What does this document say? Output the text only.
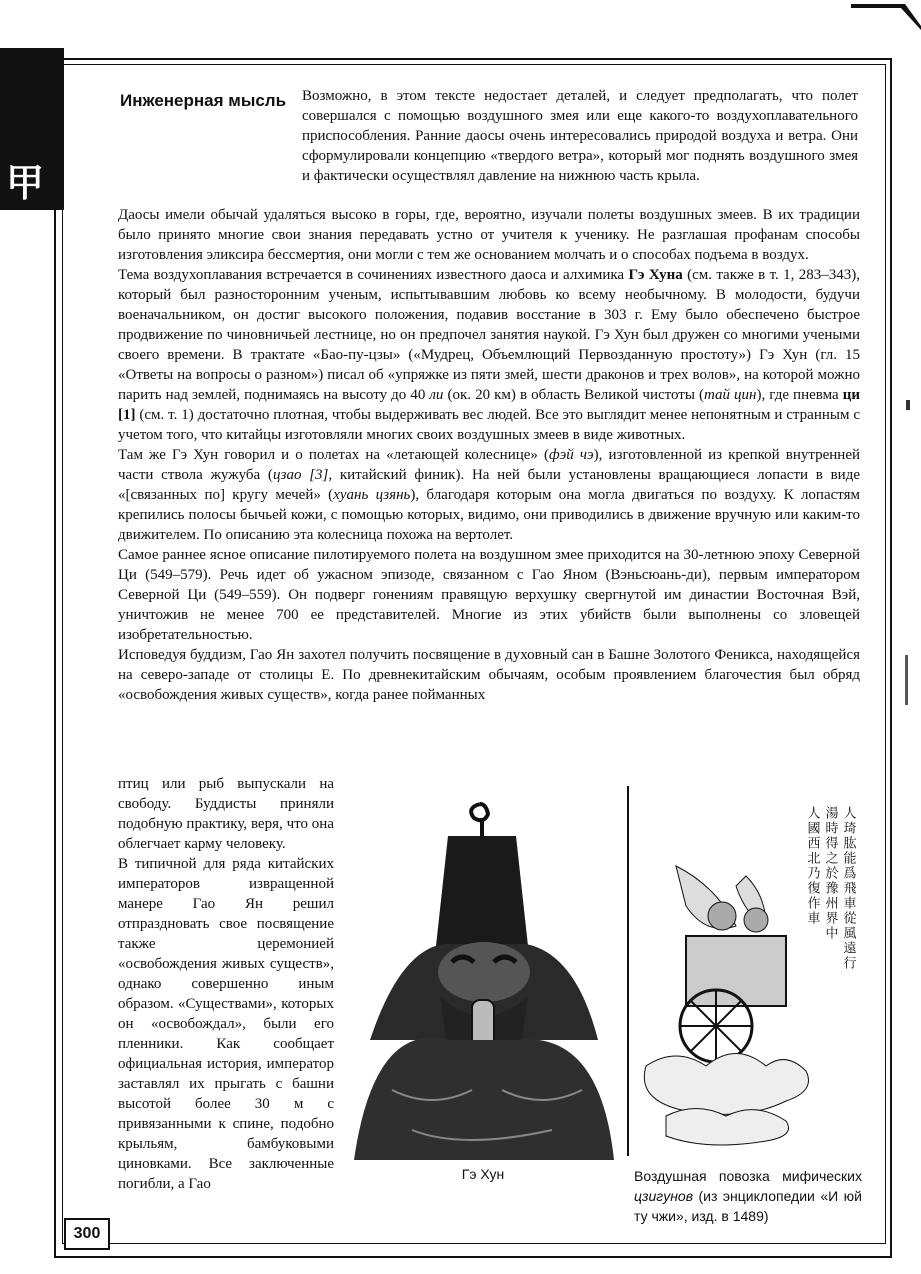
甲
Инженерная мысль Возможно, в этом тексте недостает деталей, и следует предполагать, что полет совершался с помощью воздушного змея или еще какого-то воздухоплавательного приспособления. Ранние даосы очень интересовались природой воздуха и ветра. Они сформулировали концепцию «твердого ветра», который мог поднять воздушного змея и фактически осуществлял давление на нижнюю часть крыла.

Даосы имели обычай удаляться высоко в горы, где, вероятно, изучали полеты воздушных змеев. В их традиции было принято многие свои знания передавать устно от учителя к ученику. Не разглашая профанам способы изготовления эликсира бессмертия, они могли с тем же основанием молчать и о способах подъема в воздух.

Тема воздухоплавания встречается в сочинениях известного даоса и алхимика Гэ Хуна (см. также в т. 1, 283–343), который был разносторонним ученым, испытывавшим любовь ко всему необычному. В молодости, будучи военачальником, он достиг высокого положения, подавив восстание в 303 г. Ему было обеспечено быстрое продвижение по чиновничьей лестнице, но он предпочел занятия наукой. Гэ Хун был дружен со многими учеными своего времени. В трактате «Бао-пу-цзы» («Мудрец, Объемлющий Первозданную простоту») Гэ Хун (гл. 15 «Ответы на вопросы о разном») писал об «упряжке из пяти змей, шести драконов и трех волов», на которой можно парить над землей, поднимаясь на высоту до 40 ли (ок. 20 км) в область Великой чистоты (тай цин), где пневма ци [1] (см. т. 1) достаточно плотная, чтобы выдерживать вес людей. Все это выглядит менее непонятным и странным с учетом того, что китайцы изготовляли многих своих воздушных змеев в виде животных.

Там же Гэ Хун говорил и о полетах на «летающей колеснице» (фэй чэ), изготовленной из крепкой внутренней части ствола жужуба (цзао [3], китайский финик). На ней были установлены вращающиеся лопасти в виде «[связанных по] кругу мечей» (хуань цзянь), благодаря которым она могла двигаться по воздуху. К лопастям крепились полосы бычьей кожи, с помощью которых, видимо, они приводились в движение вручную или каким-то движителем. По описанию эта колесница похожа на вертолет.

Самое раннее ясное описание пилотируемого полета на воздушном змее приходится на 30-летнюю эпоху Северной Ци (549–579). Речь идет об ужасном эпизоде, связанном с Гао Яном (Вэньсюань-ди), первым императором Северной Ци (549–559). Он подверг гонениям правящую верхушку свергнутой им династии Восточная Вэй, уничтожив не менее 700 ее представителей. Многие из этих убийств были выполнены со зловещей изобретательностью.

Исповедуя буддизм, Гао Ян захотел получить посвящение в духовный сан в Башне Золотого Феникса, находящейся на северо-западе от столицы Е. По древнекитайским обычаям, особым проявлением благочестия был обряд «освобождения живых существ», когда ранее пойманных

птиц или рыб выпускали на свободу. Буддисты приняли подобную практику, веря, что она облегчает карму человеку.

В типичной для ряда китайских императоров извращенной манере Гао Ян решил отпраздновать свое посвящение также церемонией «освобождения живых существ», однако совершенно иным образом. «Существами», которых он «освобождал», были его пленники. Как сообщает официальная история, император заставлял их прыгать с башни высотой более 30 м с привязанными к спине, подобно крыльям, бамбуковыми циновками. Все заключенные погибли, а Гао

人琦肱能爲飛車從風遠行
湯時得之於豫州界中
人國西北乃復作車
Гэ Хун	Воздушная повозка мифических цзигунов (из энциклопедии «И юй ту чжи», изд. в 1489)
300
